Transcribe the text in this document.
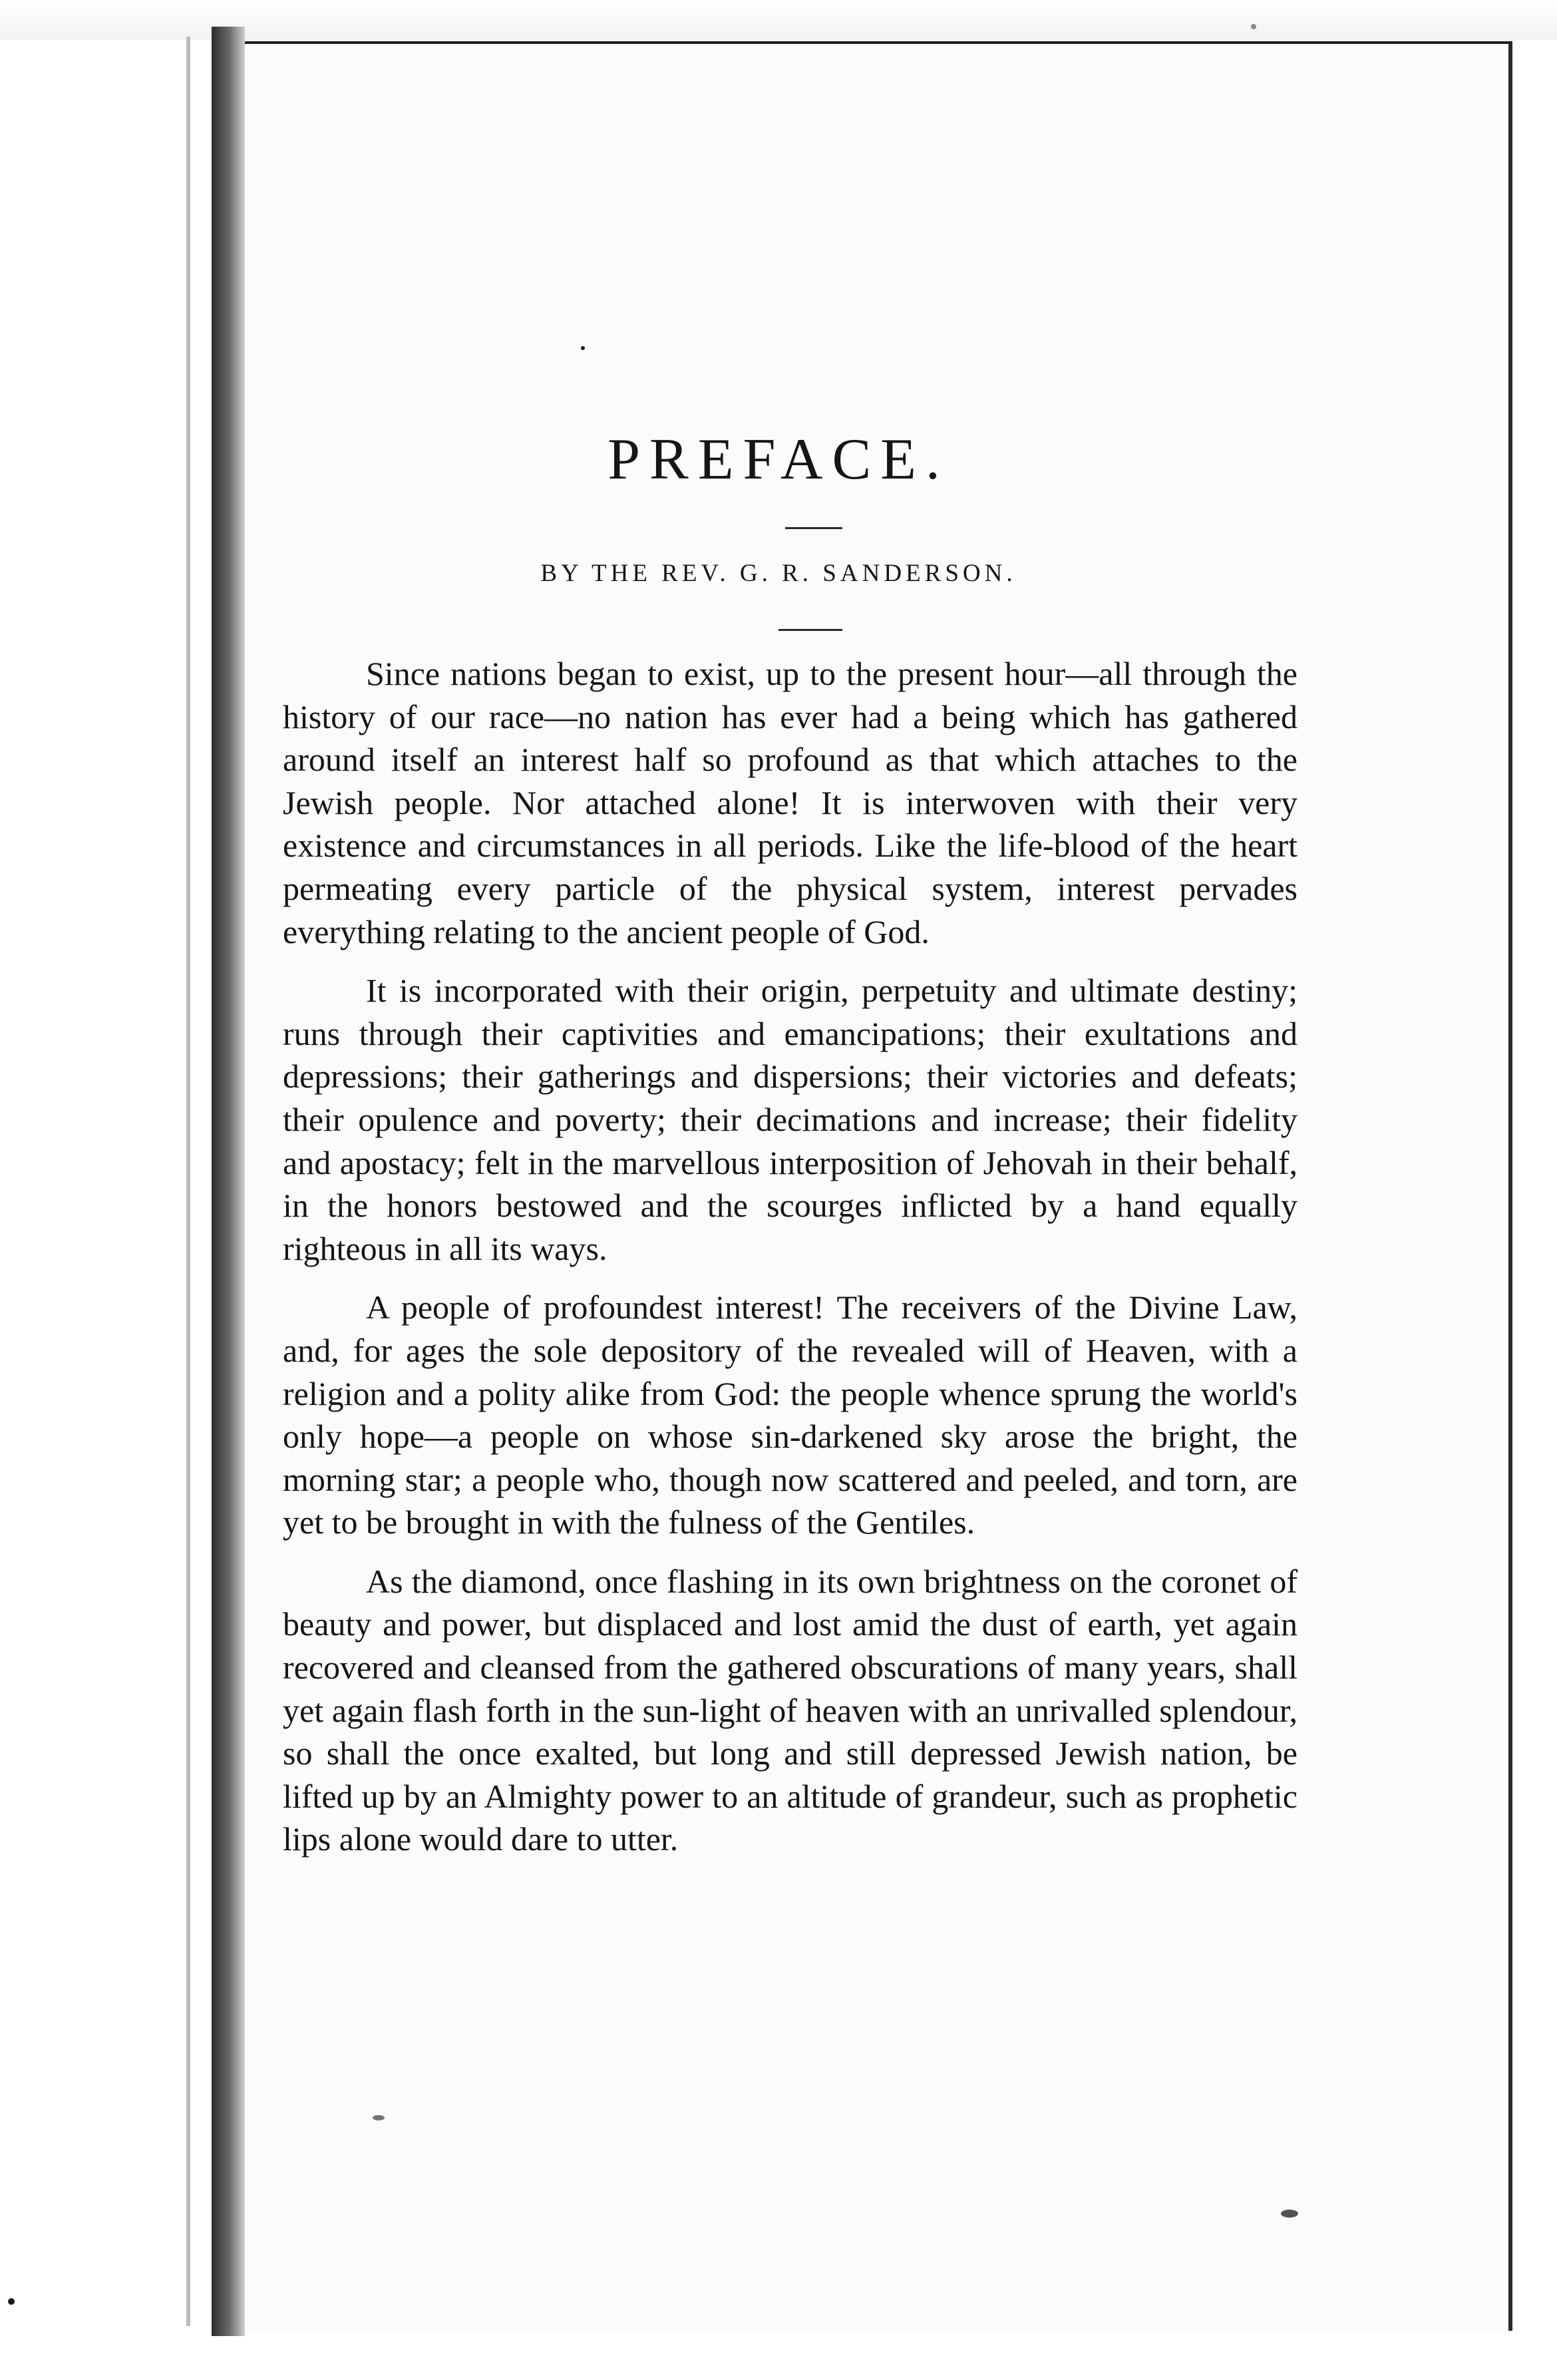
PREFACE.

BY THE REV. G. R. SANDERSON.

Since nations began to exist, up to the present hour—all through the history of our race—no nation has ever had a being which has gathered around itself an interest half so profound as that which attaches to the Jewish people. Nor attached alone! It is interwoven with their very existence and circumstances in all periods. Like the life-blood of the heart permeating every particle of the physical system, interest pervades everything relating to the ancient people of God.

It is incorporated with their origin, perpetuity and ultimate destiny; runs through their captivities and emancipations; their exultations and depressions; their gatherings and dispersions; their victories and defeats; their opulence and poverty; their decimations and increase; their fidelity and apostacy; felt in the marvellous interposition of Jehovah in their behalf, in the honors bestowed and the scourges inflicted by a hand equally righteous in all its ways.

A people of profoundest interest! The receivers of the Divine Law, and, for ages the sole depository of the revealed will of Heaven, with a religion and a polity alike from God: the people whence sprung the world's only hope—a people on whose sin-darkened sky arose the bright, the morning star; a people who, though now scattered and peeled, and torn, are yet to be brought in with the fulness of the Gentiles.

As the diamond, once flashing in its own brightness on the coronet of beauty and power, but displaced and lost amid the dust of earth, yet again recovered and cleansed from the gathered obscurations of many years, shall yet again flash forth in the sun-light of heaven with an unrivalled splendour, so shall the once exalted, but long and still depressed Jewish nation, be lifted up by an Almighty power to an altitude of grandeur, such as prophetic lips alone would dare to utter.
